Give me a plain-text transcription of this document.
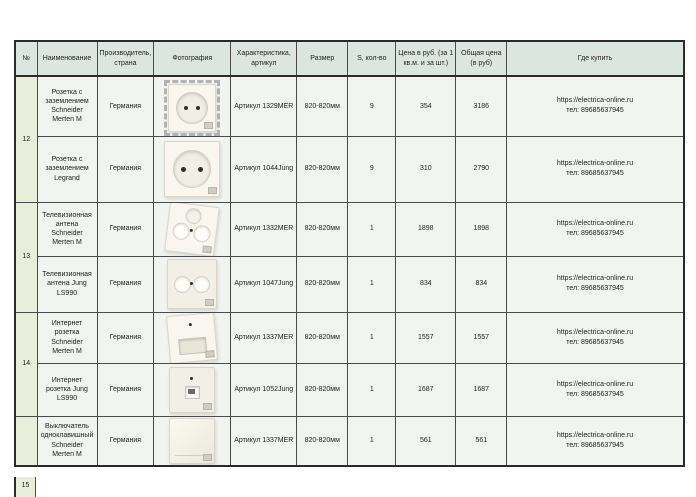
№	Наименование	Производитель, страна	Фотография	Характеристика, артикул	Размер	S, кол-во	Цена в руб. (за 1 кв.м. и за шт.)	Общая цена (в руб)	Где купить
12	Розетка с заземлением Schneider Merten M	Германия		Артикул 1329MER	820-820мм	9	354	3186	https://electrica-online.ru
тел: 89685637945

	Розетка с заземлением Legrand	Германия		Артикул 1044Jung	820-820мм	9	310	2790	https://electrica-online.ru
тел: 89685637945

13	Телевизионная антена Schneider Merten M	Германия		Артикул 1332MER	820-820мм	1	1898	1898	https://electrica-online.ru
тел: 89685637945

	Телевизионная антена Jung LS990	Германия		Артикул 1047Jung	820-820мм	1	834	834	https://electrica-online.ru
тел: 89685637945

14	Интернет розетка Schneider Merten M	Германия		Артикул 1337MER	820-820мм	1	1557	1557	https://electrica-online.ru
тел: 89685637945

	Интернет розетка Jung LS990	Германия		Артикул 1052Jung	820-820мм	1	1687	1687	https://electrica-online.ru
тел: 89685637945

	Выключатель одноклавишный Schneider Merten M	Германия		Артикул 1337MER	820-820мм	1	561	561	https://electrica-online.ru
тел: 89685637945
15
